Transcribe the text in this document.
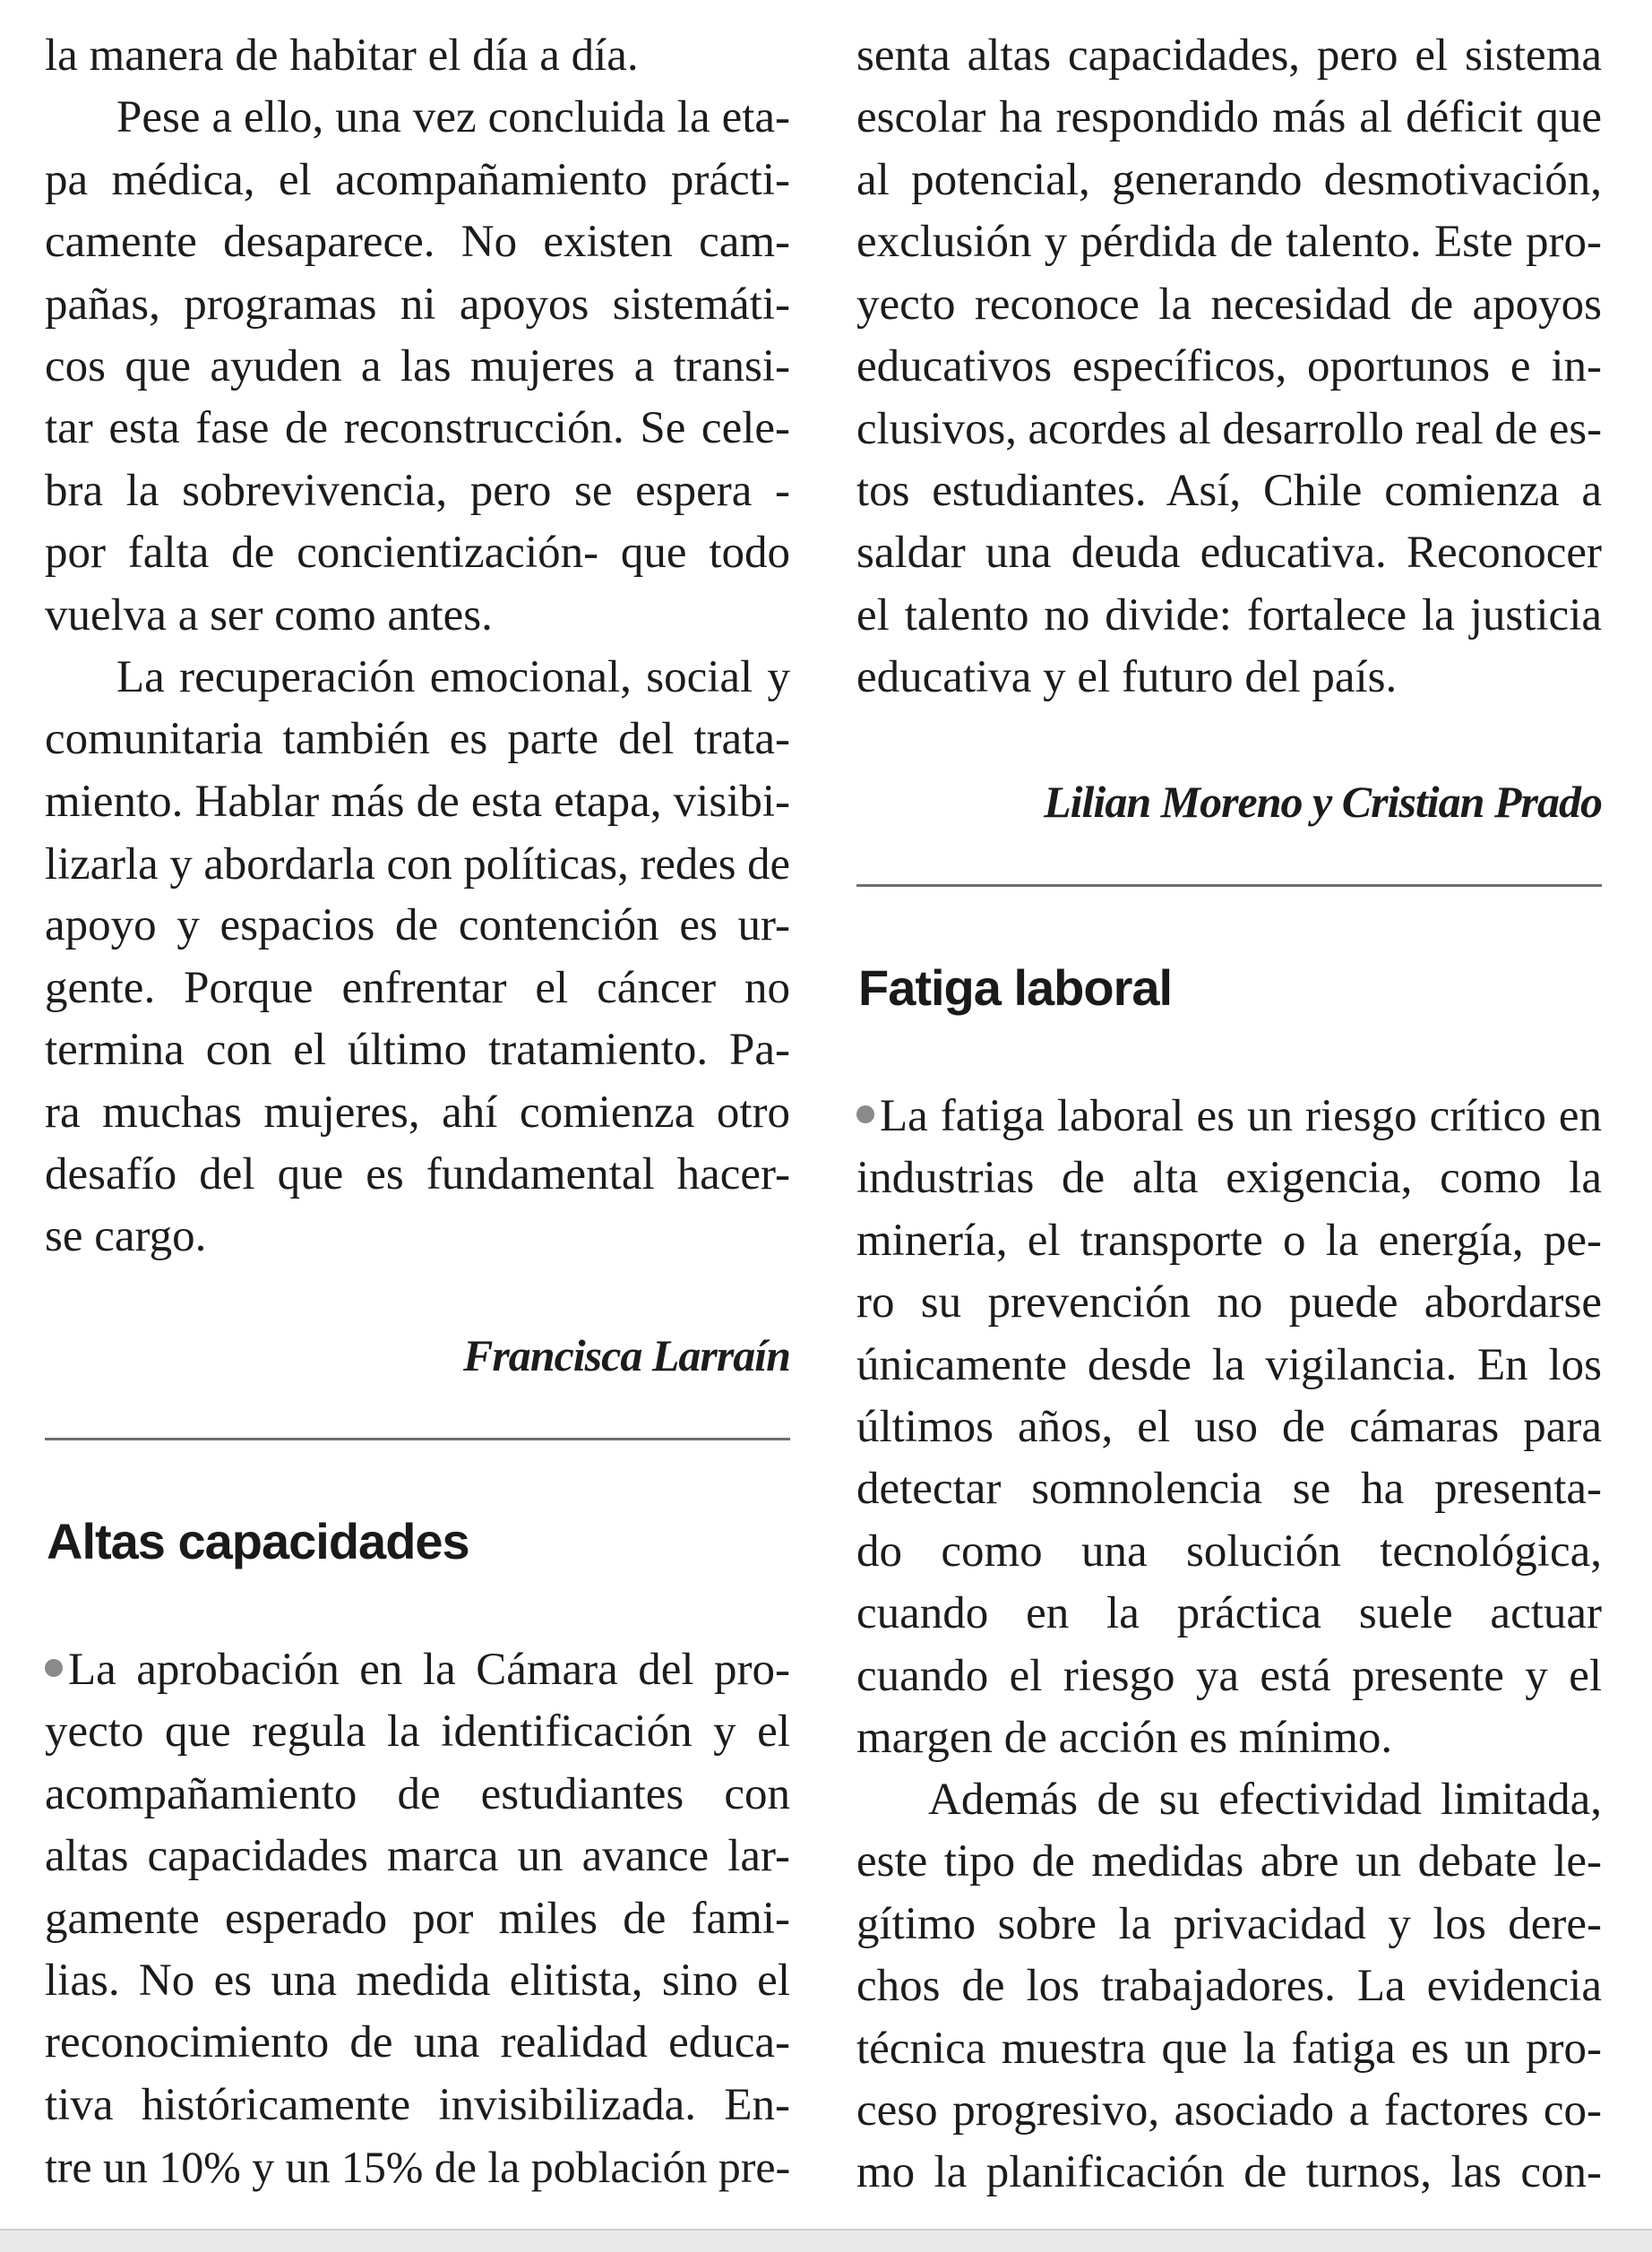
la manera de habitar el día a día.
Pese a ello, una vez concluida la eta-
pa médica, el acompañamiento prácti-
camente desaparece. No existen cam-
pañas, programas ni apoyos sistemáti-
cos que ayuden a las mujeres a transi-
tar esta fase de reconstrucción. Se cele-
bra la sobrevivencia, pero se espera -
por falta de concientización- que todo
vuelva a ser como antes.
La recuperación emocional, social y
comunitaria también es parte del trata-
miento. Hablar más de esta etapa, visibi-
lizarla y abordarla con políticas, redes de
apoyo y espacios de contención es ur-
gente. Porque enfrentar el cáncer no
termina con el último tratamiento. Pa-
ra muchas mujeres, ahí comienza otro
desafío del que es fundamental hacer-
se cargo.
Francisca Larraín
Altas capacidades
La aprobación en la Cámara del pro-
yecto que regula la identificación y el
acompañamiento de estudiantes con
altas capacidades marca un avance lar-
gamente esperado por miles de fami-
lias. No es una medida elitista, sino el
reconocimiento de una realidad educa-
tiva históricamente invisibilizada. En-
tre un 10% y un 15% de la población pre-
senta altas capacidades, pero el sistema
escolar ha respondido más al déficit que
al potencial, generando desmotivación,
exclusión y pérdida de talento. Este pro-
yecto reconoce la necesidad de apoyos
educativos específicos, oportunos e in-
clusivos, acordes al desarrollo real de es-
tos estudiantes. Así, Chile comienza a
saldar una deuda educativa. Reconocer
el talento no divide: fortalece la justicia
educativa y el futuro del país.
Lilian Moreno y Cristian Prado
Fatiga laboral
La fatiga laboral es un riesgo crítico en
industrias de alta exigencia, como la
minería, el transporte o la energía, pe-
ro su prevención no puede abordarse
únicamente desde la vigilancia. En los
últimos años, el uso de cámaras para
detectar somnolencia se ha presenta-
do como una solución tecnológica,
cuando en la práctica suele actuar
cuando el riesgo ya está presente y el
margen de acción es mínimo.
Además de su efectividad limitada,
este tipo de medidas abre un debate le-
gítimo sobre la privacidad y los dere-
chos de los trabajadores. La evidencia
técnica muestra que la fatiga es un pro-
ceso progresivo, asociado a factores co-
mo la planificación de turnos, las con-
